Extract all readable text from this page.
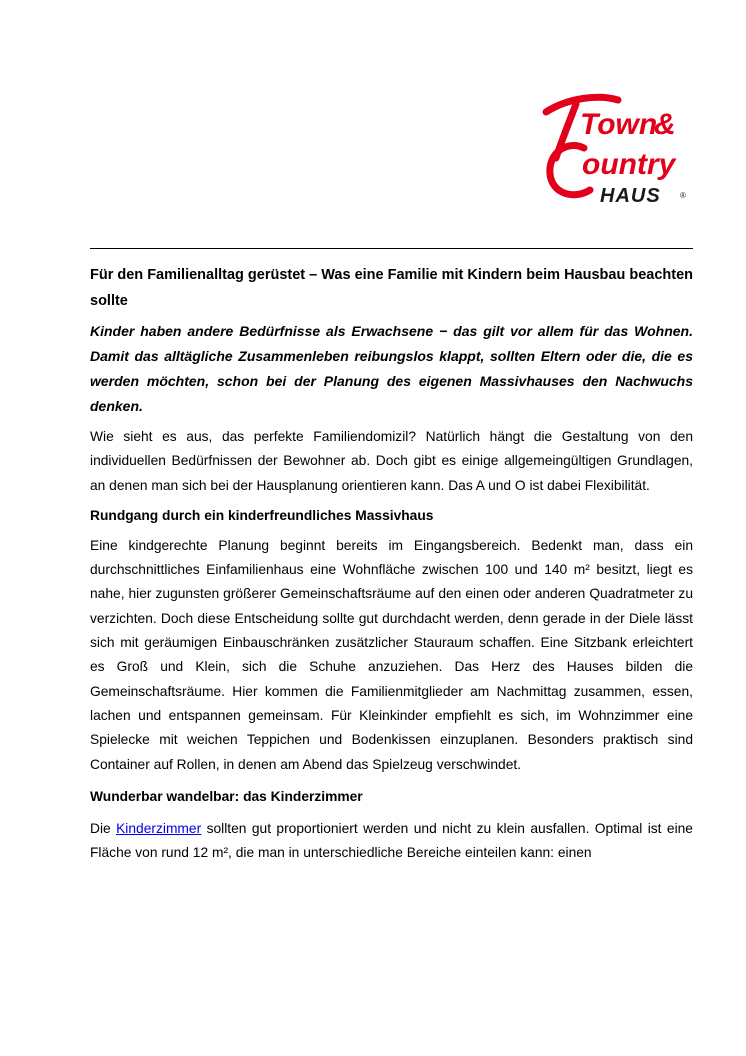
Town
&
ountry
HAUS ®

Für den Familienalltag gerüstet – Was eine Familie mit Kindern beim Hausbau beachten sollte

Kinder haben andere Bedürfnisse als Erwachsene − das gilt vor allem für das Wohnen. Damit das alltägliche Zusammenleben reibungslos klappt, sollten Eltern oder die, die es werden möchten, schon bei der Planung des eigenen Massivhauses den Nachwuchs denken.

Wie sieht es aus, das perfekte Familiendomizil? Natürlich hängt die Gestaltung von den individuellen Bedürfnissen der Bewohner ab. Doch gibt es einige allgemeingültigen Grundlagen, an denen man sich bei der Hausplanung orientieren kann. Das A und O ist dabei Flexibilität.

Rundgang durch ein kinderfreundliches Massivhaus

Eine kindgerechte Planung beginnt bereits im Eingangsbereich. Bedenkt man, dass ein durchschnittliches Einfamilienhaus eine Wohnfläche zwischen 100 und 140 m² besitzt, liegt es nahe, hier zugunsten größerer Gemeinschaftsräume auf den einen oder anderen Quadratmeter zu verzichten. Doch diese Entscheidung sollte gut durchdacht werden, denn gerade in der Diele lässt sich mit geräumigen Einbauschränken zusätzlicher Stauraum schaffen. Eine Sitzbank erleichtert es Groß und Klein, sich die Schuhe anzuziehen. Das Herz des Hauses bilden die Gemeinschaftsräume. Hier kommen die Familienmitglieder am Nachmittag zusammen, essen, lachen und entspannen gemeinsam. Für Kleinkinder empfiehlt es sich, im Wohnzimmer eine Spielecke mit weichen Teppichen und Bodenkissen einzuplanen. Besonders praktisch sind Container auf Rollen, in denen am Abend das Spielzeug verschwindet.

Wunderbar wandelbar: das Kinderzimmer

Die Kinderzimmer sollten gut proportioniert werden und nicht zu klein ausfallen. Optimal ist eine Fläche von rund 12 m², die man in unterschiedliche Bereiche einteilen kann: einen
